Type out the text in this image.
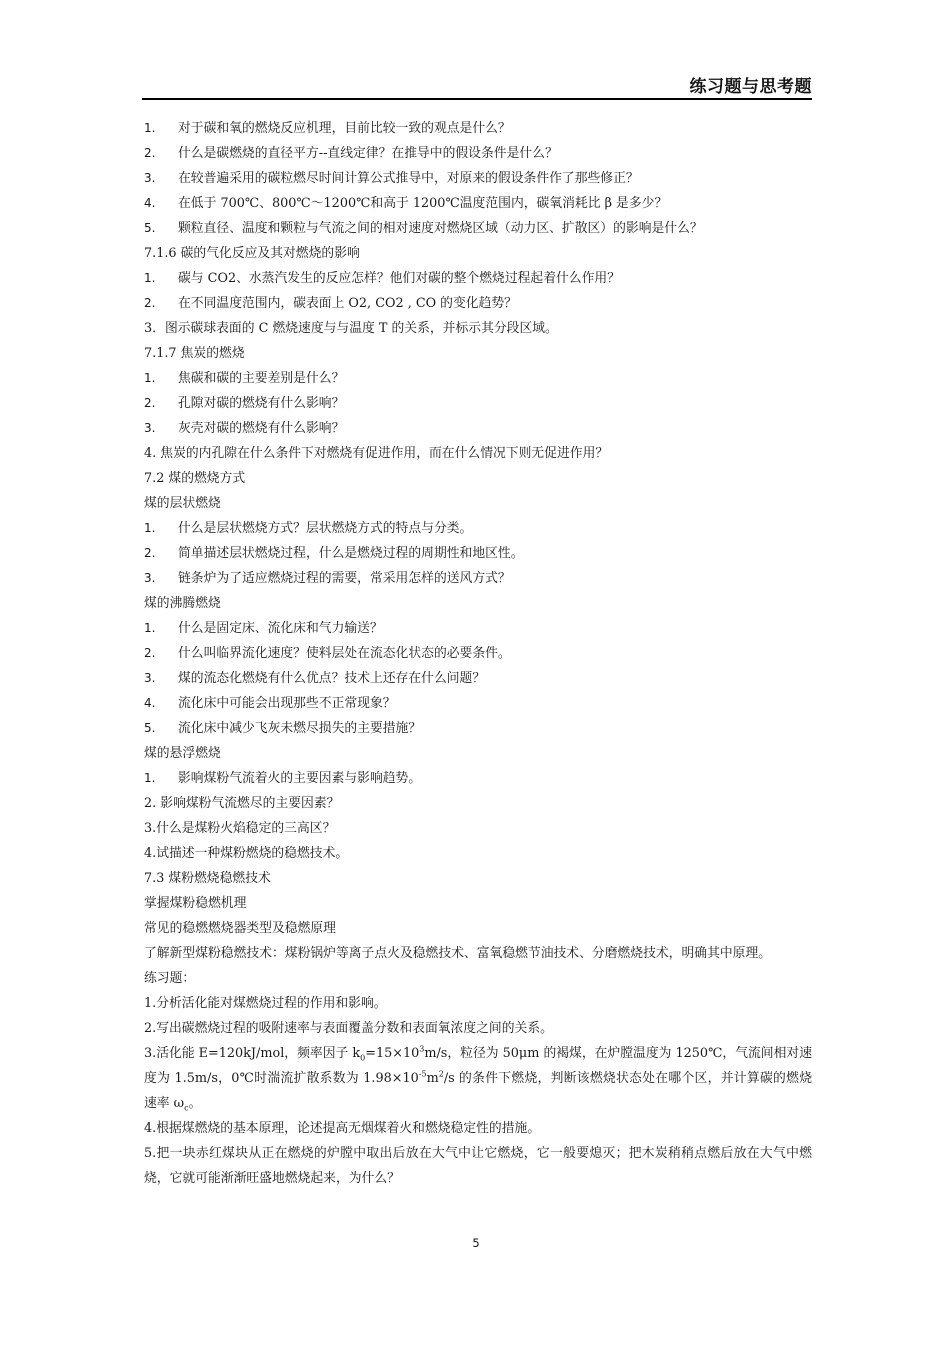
练习题与思考题
1.	对于碳和氧的燃烧反应机理，目前比较一致的观点是什么？
2.	什么是碳燃烧的直径平方--直线定律？在推导中的假设条件是什么？
3.	在较普遍采用的碳粒燃尽时间计算公式推导中，对原来的假设条件作了那些修正？
4.	在低于 700℃、800℃～1200℃和高于 1200℃温度范围内，碳氧消耗比 β 是多少？
5.	颗粒直径、温度和颗粒与气流之间的相对速度对燃烧区域（动力区、扩散区）的影响是什么？
7.1.6 碳的气化反应及其对燃烧的影响
1.	碳与 CO2、水蒸汽发生的反应怎样？他们对碳的整个燃烧过程起着什么作用？
2.	在不同温度范围内，碳表面上 O2, CO2 , CO 的变化趋势？
3．图示碳球表面的 C 燃烧速度与与温度 T 的关系，并标示其分段区域。
7.1.7 焦炭的燃烧
1.	焦碳和碳的主要差别是什么？
2.	孔隙对碳的燃烧有什么影响？
3.	灰壳对碳的燃烧有什么影响？
4. 焦炭的内孔隙在什么条件下对燃烧有促进作用，而在什么情况下则无促进作用？
7.2 煤的燃烧方式
煤的层状燃烧
1.	什么是层状燃烧方式？层状燃烧方式的特点与分类。
2.	简单描述层状燃烧过程，什么是燃烧过程的周期性和地区性。
3.	链条炉为了适应燃烧过程的需要，常采用怎样的送风方式？
煤的沸腾燃烧
1.	什么是固定床、流化床和气力输送？
2.	什么叫临界流化速度？使料层处在流态化状态的必要条件。
3.	煤的流态化燃烧有什么优点？技术上还存在什么问题？
4.	流化床中可能会出现那些不正常现象？
5.	流化床中减少飞灰未燃尽损失的主要措施？
煤的悬浮燃烧
1.	影响煤粉气流着火的主要因素与影响趋势。
2. 影响煤粉气流燃尽的主要因素？
3.什么是煤粉火焰稳定的三高区？
4.试描述一种煤粉燃烧的稳燃技术。
7.3 煤粉燃烧稳燃技术
掌握煤粉稳燃机理
常见的稳燃燃烧器类型及稳燃原理
了解新型煤粉稳燃技术：煤粉锅炉等离子点火及稳燃技术、富氧稳燃节油技术、分磨燃烧技术，明确其中原理。
练习题：
1.分析活化能对煤燃烧过程的作用和影响。
2.写出碳燃烧过程的吸附速率与表面覆盖分数和表面氧浓度之间的关系。
3.活化能 E=120kJ/mol，频率因子 $k_0=15\times 10^3m/s$，粒径为 50μm 的褐煤，在炉膛温度为 1250℃，气流间相对速度为 1.5m/s，0℃时湍流扩散系数为 $1.98\times 10^{-5}m^2/s$ 的条件下燃烧，判断该燃烧状态处在哪个区，并计算碳的燃烧速率 $\omega_c$。
4.根据煤燃烧的基本原理，论述提高无烟煤着火和燃烧稳定性的措施。
5.把一块赤红煤块从正在燃烧的炉膛中取出后放在大气中让它燃烧，它一般要熄灭；把木炭稍稍点燃后放在大气中燃烧，它就可能渐渐旺盛地燃烧起来，为什么？
5
